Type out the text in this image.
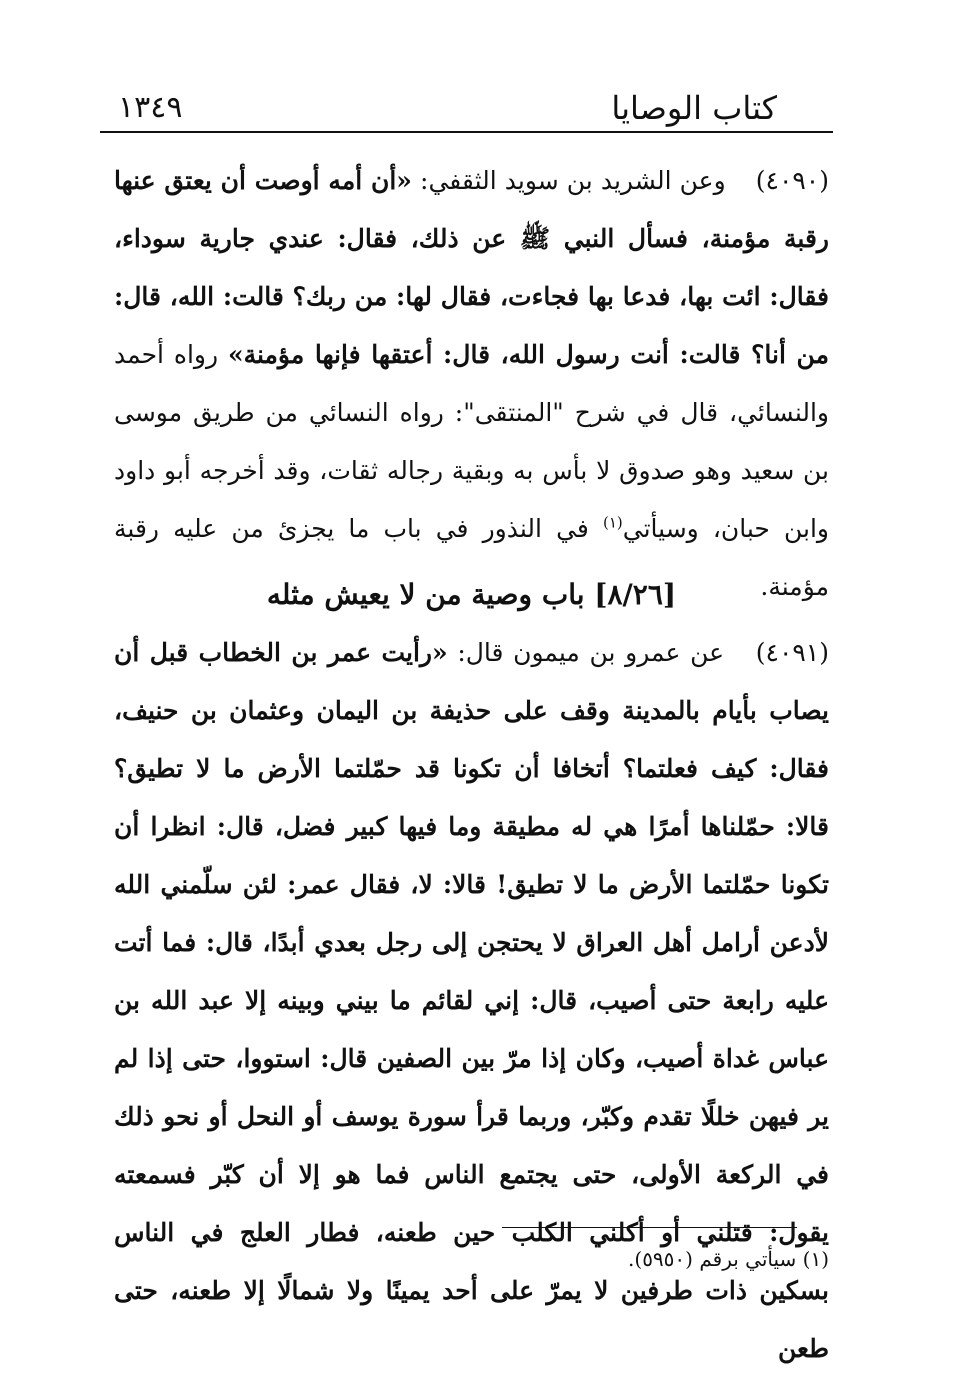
كتاب الوصايا
١٣٤٩
(٤٠٩٠) وعن الشريد بن سويد الثقفي: «أن أمه أوصت أن يعتق عنها رقبة مؤمنة، فسأل النبي ﷺ عن ذلك، فقال: عندي جارية سوداء، فقال: ائت بها، فدعا بها فجاءت، فقال لها: من ربك؟ قالت: الله، قال: من أنا؟ قالت: أنت رسول الله، قال: أعتقها فإنها مؤمنة» رواه أحمد والنسائي، قال في شرح "المنتقى": رواه النسائي من طريق موسى بن سعيد وهو صدوق لا بأس به وبقية رجاله ثقات، وقد أخرجه أبو داود وابن حبان، وسيأتي$^{(١)}$ في النذور في باب ما يجزئ من عليه رقبة مؤمنة.
[٨/٢٦] باب وصية من لا يعيش مثله
(٤٠٩١) عن عمرو بن ميمون قال: «رأيت عمر بن الخطاب قبل أن يصاب بأيام بالمدينة وقف على حذيفة بن اليمان وعثمان بن حنيف، فقال: كيف فعلتما؟ أتخافا أن تكونا قد حمّلتما الأرض ما لا تطيق؟ قالا: حمّلناها أمرًا هي له مطيقة وما فيها كبير فضل، قال: انظرا أن تكونا حمّلتما الأرض ما لا تطيق! قالا: لا، فقال عمر: لئن سلّمني الله لأدعن أرامل أهل العراق لا يحتجن إلى رجل بعدي أبدًا، قال: فما أتت عليه رابعة حتى أصيب، قال: إني لقائم ما بيني وبينه إلا عبد الله بن عباس غداة أصيب، وكان إذا مرّ بين الصفين قال: استووا، حتى إذا لم ير فيهن خللًا تقدم وكبّر، وربما قرأ سورة يوسف أو النحل أو نحو ذلك في الركعة الأولى، حتى يجتمع الناس فما هو إلا أن كبّر فسمعته يقول: قتلني أو أكلني الكلب حين طعنه، فطار العلج في الناس بسكين ذات طرفين لا يمرّ على أحد يمينًا ولا شمالًا إلا طعنه، حتى طعن
(١) سيأتي برقم (٥٩٥٠).
